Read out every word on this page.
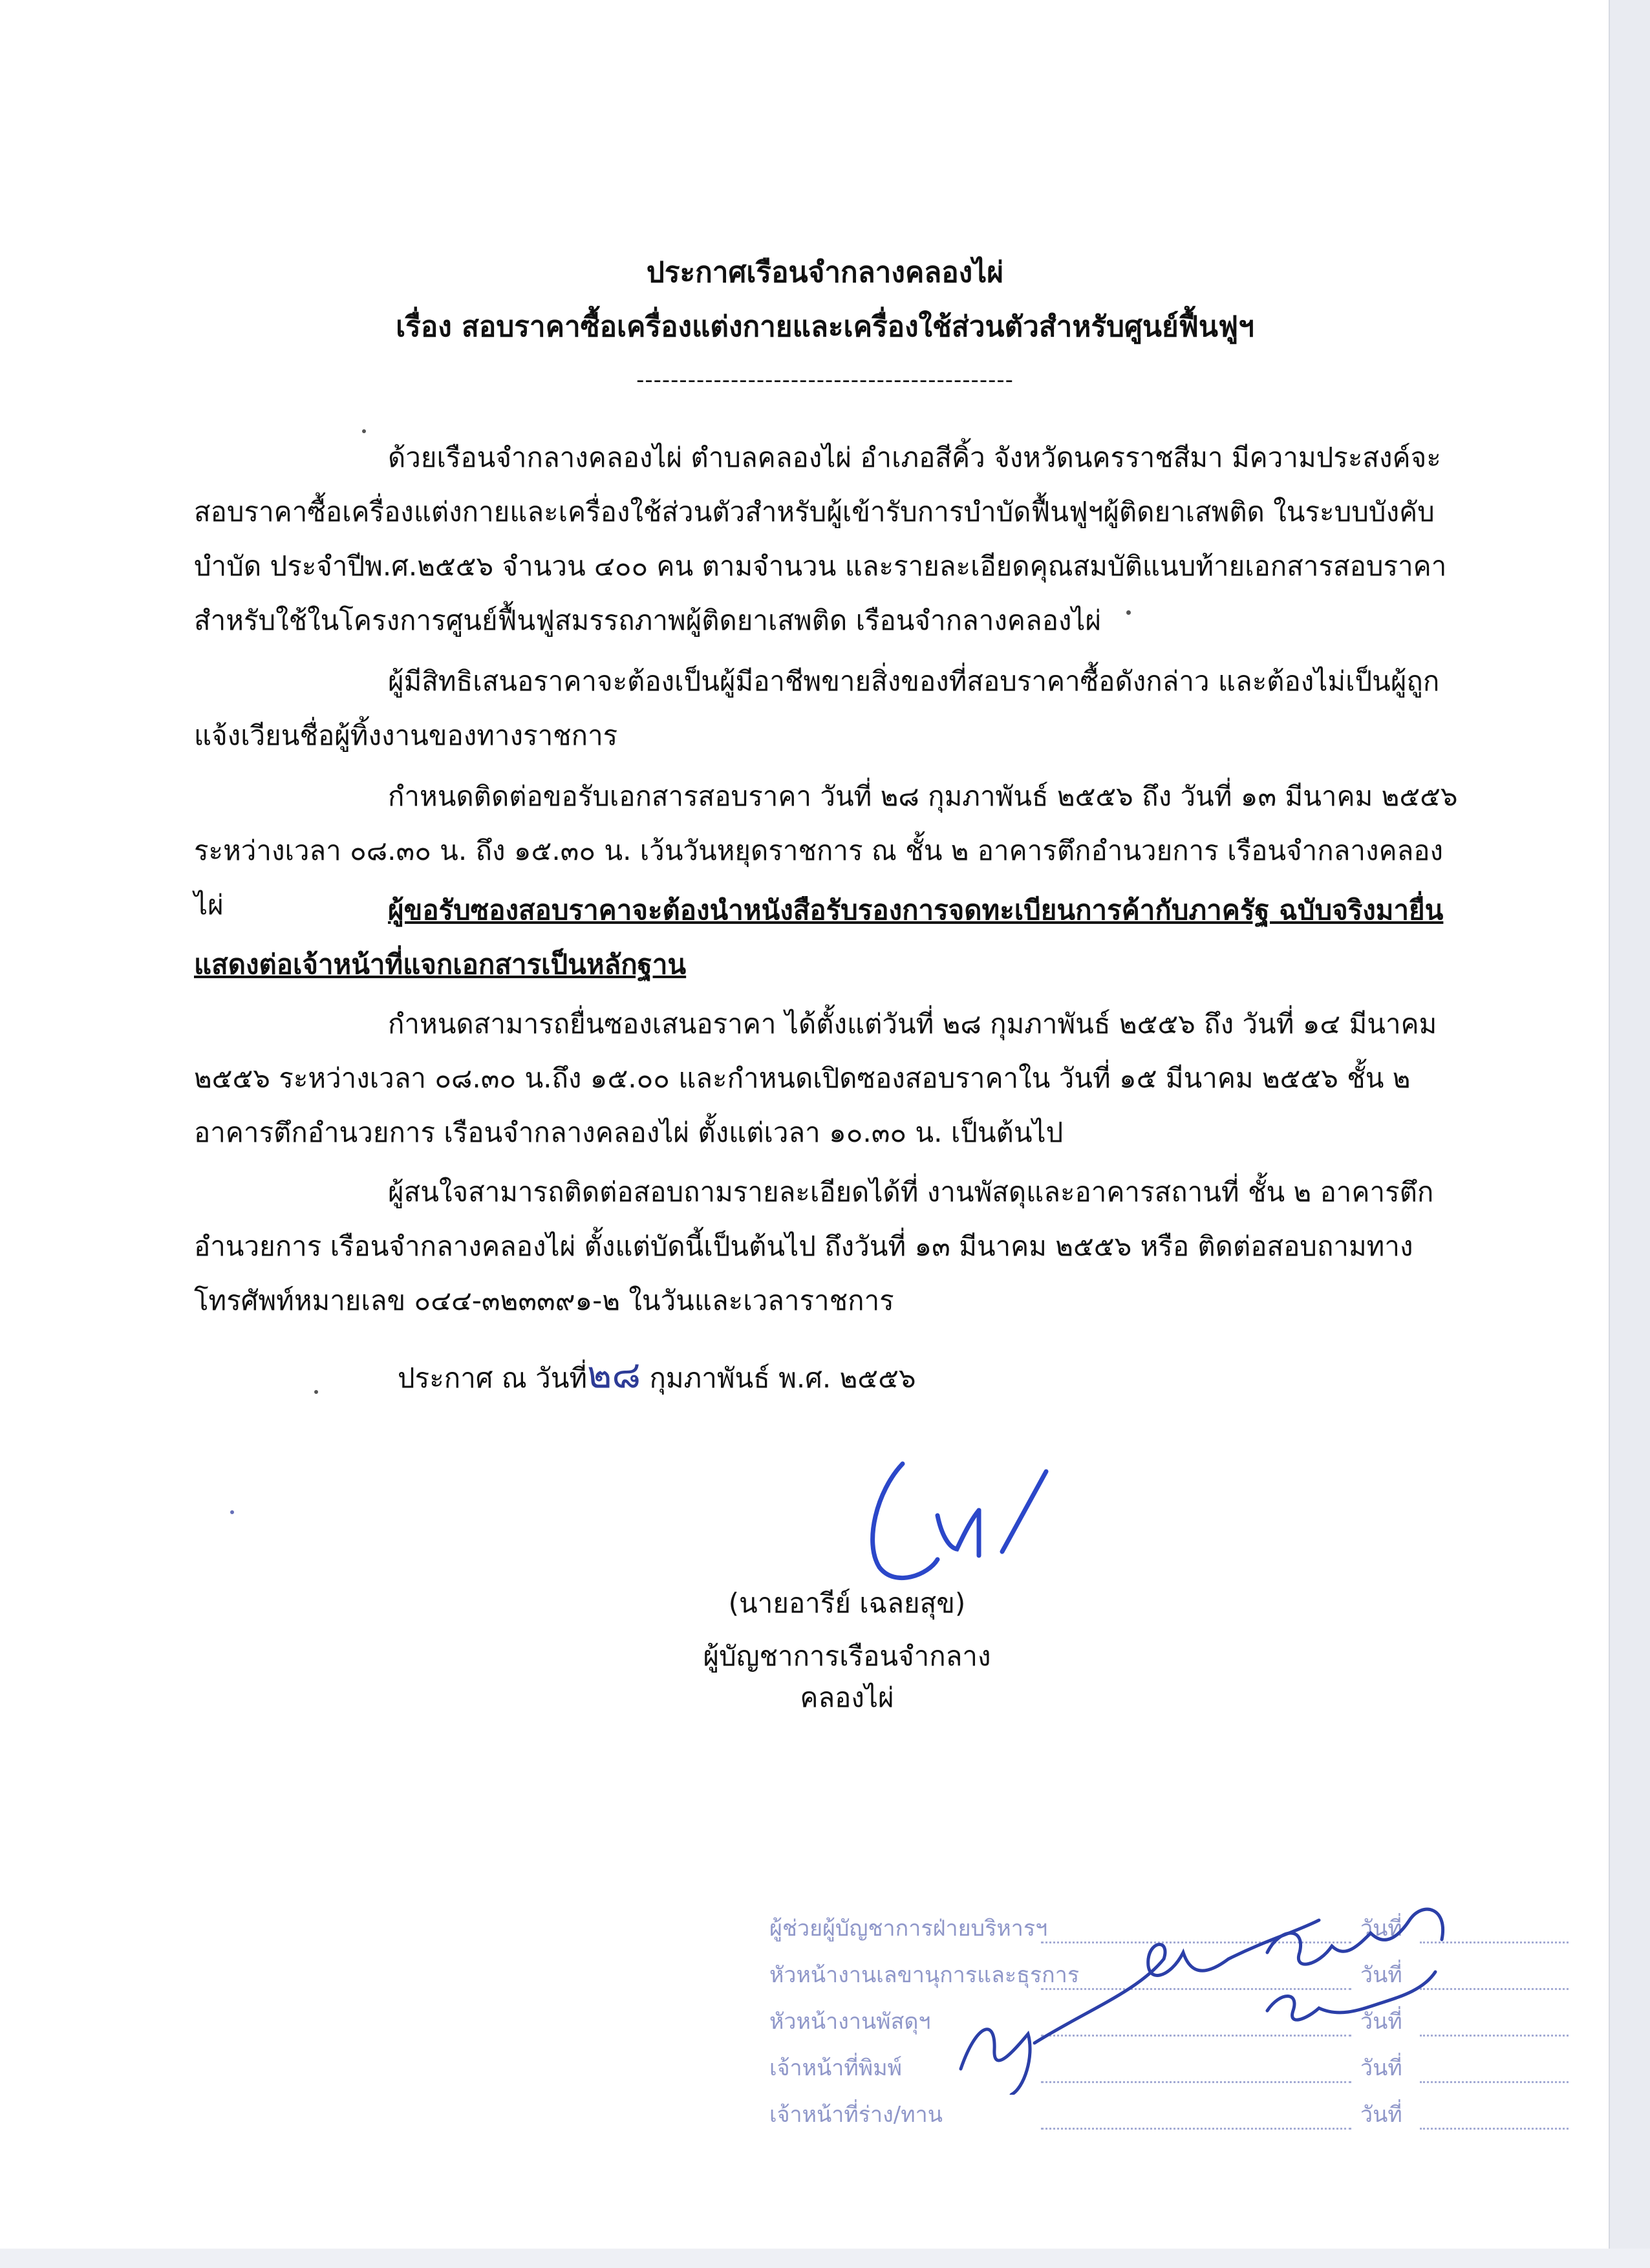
ประกาศเรือนจำกลางคลองไผ่
เรื่อง สอบราคาซื้อเครื่องแต่งกายและเครื่องใช้ส่วนตัวสำหรับศูนย์ฟื้นฟูฯ
--------------------------------------------
ด้วยเรือนจำกลางคลองไผ่ ตำบลคลองไผ่ อำเภอสีคิ้ว จังหวัดนครราชสีมา มีความประสงค์จะสอบราคาซื้อเครื่องแต่งกายและเครื่องใช้ส่วนตัวสำหรับผู้เข้ารับการบำบัดฟื้นฟูฯผู้ติดยาเสพติด ในระบบบังคับบำบัด ประจำปีพ.ศ.๒๕๕๖ จำนวน ๔๐๐ คน ตามจำนวน และรายละเอียดคุณสมบัติแนบท้ายเอกสารสอบราคาสำหรับใช้ในโครงการศูนย์ฟื้นฟูสมรรถภาพผู้ติดยาเสพติด เรือนจำกลางคลองไผ่
ผู้มีสิทธิเสนอราคาจะต้องเป็นผู้มีอาชีพขายสิ่งของที่สอบราคาซื้อดังกล่าว และต้องไม่เป็นผู้ถูกแจ้งเวียนชื่อผู้ทิ้งงานของทางราชการ
กำหนดติดต่อขอรับเอกสารสอบราคา วันที่ ๒๘ กุมภาพันธ์ ๒๕๕๖ ถึง วันที่ ๑๓ มีนาคม ๒๕๕๖ ระหว่างเวลา ๐๘.๓๐ น. ถึง ๑๕.๓๐ น. เว้นวันหยุดราชการ ณ ชั้น ๒ อาคารตึกอำนวยการ เรือนจำกลางคลองไผ่	ผู้ขอรับซองสอบราคาจะต้องนำหนังสือรับรองการจดทะเบียนการค้ากับภาครัฐ ฉบับจริงมายื่นแสดงต่อเจ้าหน้าที่แจกเอกสารเป็นหลักฐาน
กำหนดสามารถยื่นซองเสนอราคา ได้ตั้งแต่วันที่ ๒๘ กุมภาพันธ์ ๒๕๕๖ ถึง วันที่ ๑๔ มีนาคม ๒๕๕๖ ระหว่างเวลา ๐๘.๓๐ น.ถึง ๑๕.๐๐ และกำหนดเปิดซองสอบราคาใน วันที่ ๑๕ มีนาคม ๒๕๕๖ ชั้น ๒ อาคารตึกอำนวยการ เรือนจำกลางคลองไผ่ ตั้งแต่เวลา ๑๐.๓๐ น. เป็นต้นไป
ผู้สนใจสามารถติดต่อสอบถามรายละเอียดได้ที่ งานพัสดุและอาคารสถานที่ ชั้น ๒ อาคารตึกอำนวยการ เรือนจำกลางคลองไผ่ ตั้งแต่บัดนี้เป็นต้นไป ถึงวันที่ ๑๓ มีนาคม ๒๕๕๖ หรือ ติดต่อสอบถามทางโทรศัพท์หมายเลข ๐๔๔-๓๒๓๓๙๑-๒ ในวันและเวลาราชการ
ประกาศ ณ วันที่๒๘ กุมภาพันธ์ พ.ศ. ๒๕๕๖
(นายอารีย์ เฉลยสุข)
ผู้บัญชาการเรือนจำกลางคลองไผ่
ผู้ช่วยผู้บัญชาการฝ่ายบริหารฯ	วันที่
หัวหน้างานเลขานุการและธุรการ	วันที่
หัวหน้างานพัสดุฯ	วันที่
เจ้าหน้าที่พิมพ์	วันที่
เจ้าหน้าที่ร่าง/ทาน	วันที่
